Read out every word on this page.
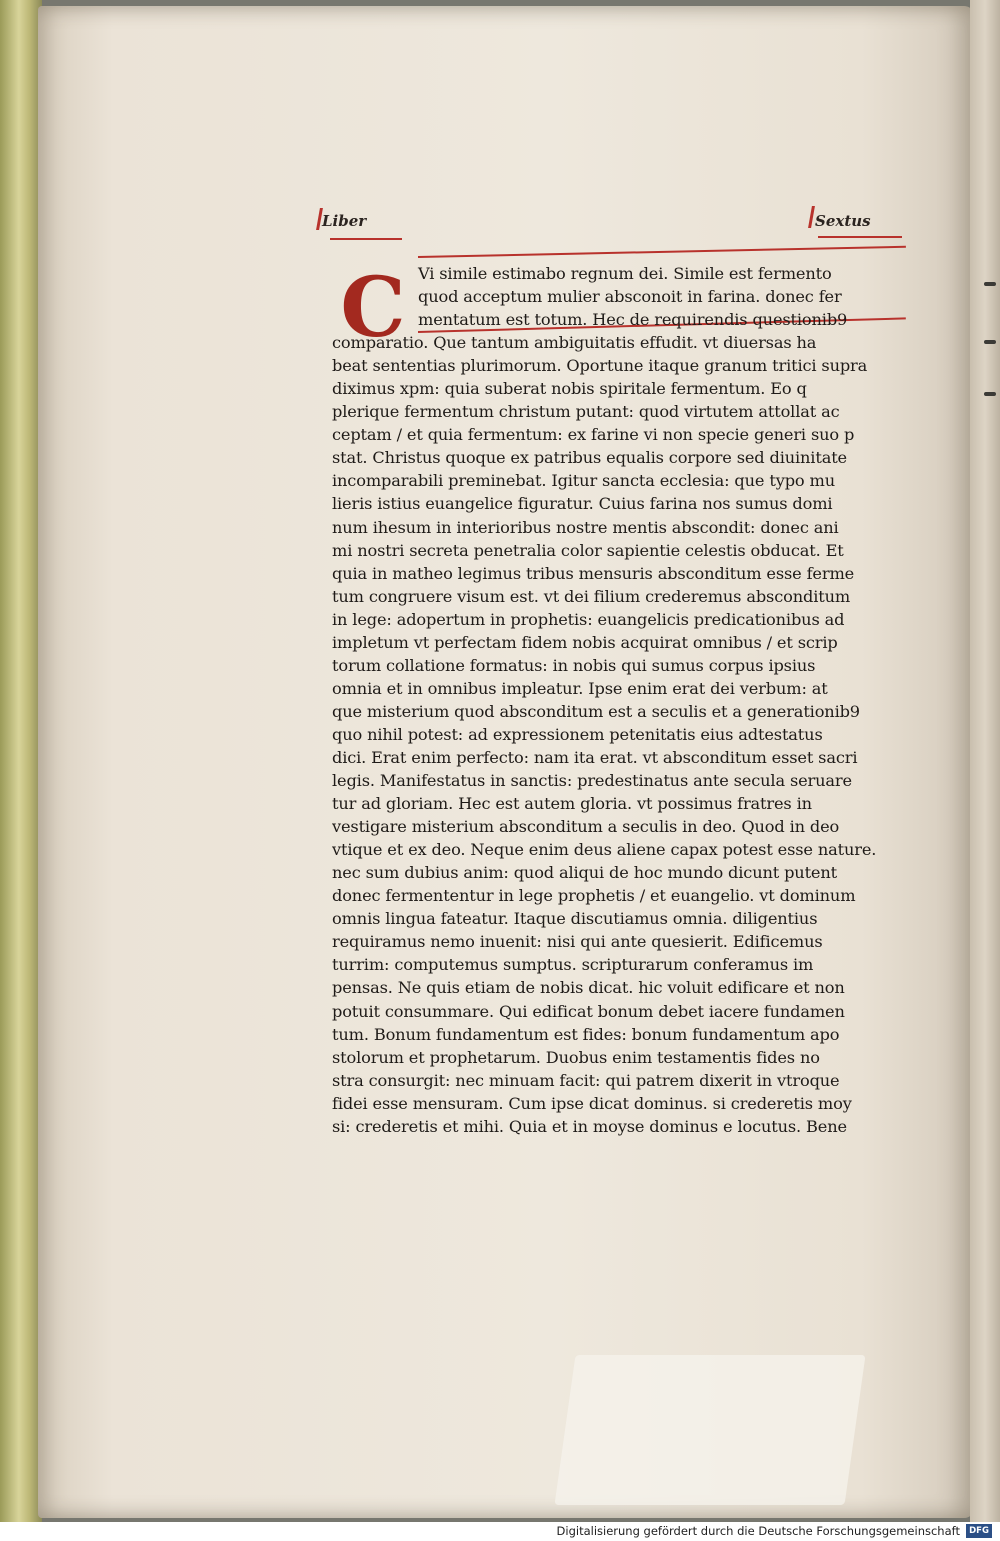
Liber	Sextus
C Vi simile estimabo regnum dei. Simile est fermento
quod acceptum mulier absconoit in farina. donec fer
mentatum est totum. Hec de requirendis questionib9
comparatio. Que tantum ambiguitatis effudit. vt diuersas ha
beat sententias plurimorum. Oportune itaque granum tritici supra
diximus xpm: quia suberat nobis spiritale fermentum. Eo q
plerique fermentum christum putant: quod virtutem attollat ac
ceptam / et quia fermentum: ex farine vi non specie generi suo p
stat. Christus quoque ex patribus equalis corpore sed diuinitate
incomparabili preminebat. Igitur sancta ecclesia: que typo mu
lieris istius euangelice figuratur. Cuius farina nos sumus domi
num ihesum in interioribus nostre mentis abscondit: donec ani
mi nostri secreta penetralia color sapientie celestis obducat. Et
quia in matheo legimus tribus mensuris absconditum esse ferme
tum congruere visum est. vt dei filium crederemus absconditum
in lege: adopertum in prophetis: euangelicis predicationibus ad
impletum vt perfectam fidem nobis acquirat omnibus / et scrip
torum collatione formatus: in nobis qui sumus corpus ipsius
omnia et in omnibus impleatur. Ipse enim erat dei verbum: at
que misterium quod absconditum est a seculis et a generationib9
quo nihil potest: ad expressionem petenitatis eius adtestatus
dici. Erat enim perfecto: nam ita erat. vt absconditum esset sacri
legis. Manifestatus in sanctis: predestinatus ante secula seruare
tur ad gloriam. Hec est autem gloria. vt possimus fratres in
vestigare misterium absconditum a seculis in deo. Quod in deo
vtique et ex deo. Neque enim deus aliene capax potest esse nature.
nec sum dubius anim: quod aliqui de hoc mundo dicunt putent
donec fermententur in lege prophetis / et euangelio. vt dominum
omnis lingua fateatur. Itaque discutiamus omnia. diligentius
requiramus nemo inuenit: nisi qui ante quesierit. Edificemus
turrim: computemus sumptus. scripturarum conferamus im
pensas. Ne quis etiam de nobis dicat. hic voluit edificare et non
potuit consummare. Qui edificat bonum debet iacere fundamen
tum. Bonum fundamentum est fides: bonum fundamentum apo
stolorum et prophetarum. Duobus enim testamentis fides no
stra consurgit: nec minuam facit: qui patrem dixerit in vtroque
fidei esse mensuram. Cum ipse dicat dominus. si crederetis moy
si: crederetis et mihi. Quia et in moyse dominus e locutus. Bene
Digitalisierung gefördert durch die Deutsche Forschungsgemeinschaft	DFG
